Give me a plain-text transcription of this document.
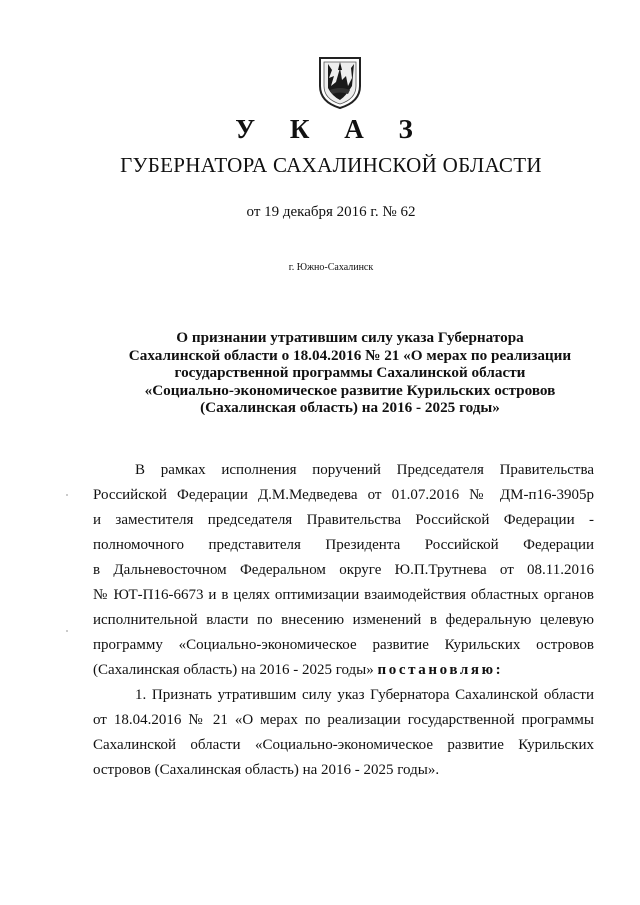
У К А З
ГУБЕРНАТОРА САХАЛИНСКОЙ ОБЛАСТИ
от 19 декабря 2016 г. № 62
г. Южно-Сахалинск
О признании утратившим силу указа Губернатора
Сахалинской области о 18.04.2016 № 21 «О мерах по реализации
государственной программы Сахалинской области
«Социально-экономическое развитие Курильских островов
(Сахалинская область) на 2016 - 2025 годы»
В рамках исполнения поручений Председателя Правительства
Российской Федерации Д.М.Медведева от 01.07.2016 № ДМ-п16-3905р
и заместителя председателя Правительства Российской Федерации -
полномочного представителя Президента Российской Федерации
в Дальневосточном Федеральном округе Ю.П.Трутнева от 08.11.2016
№ ЮТ-П16-6673 и в целях оптимизации взаимодействия областных органов
исполнительной власти по внесению изменений в федеральную целевую
программу «Социально-экономическое развитие Курильских островов
(Сахалинская область) на 2016 - 2025 годы» постановляю:
1. Признать утратившим силу указ Губернатора Сахалинской области
от 18.04.2016 № 21 «О мерах по реализации государственной программы
Сахалинской области «Социально-экономическое развитие Курильских
островов (Сахалинская область) на 2016 - 2025 годы».
